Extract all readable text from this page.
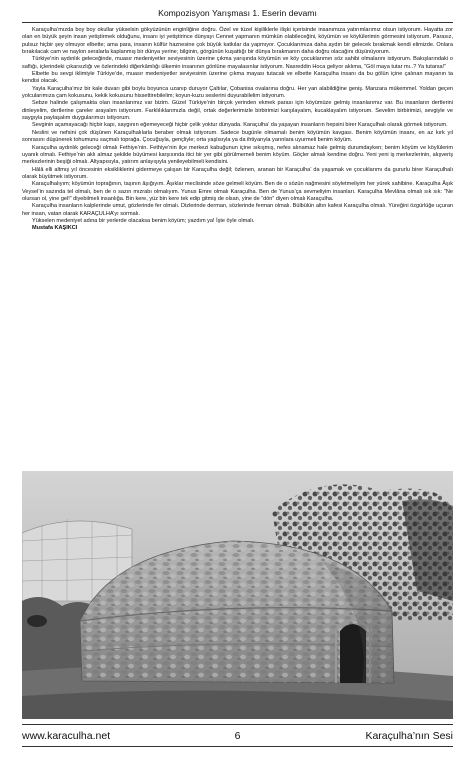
Kompozisyon Yarışması 1. Eserin devamı

Karaçulha’mızda boy boy okullar yükselsin gökyüzünün enginliğine doğru. Özel ve tüzel kişiliklerle ilişki içerisinde insanımıza yatırımlarımız olsun istiyorum. Hayatta zor olan en büyük şeyin insan yetiştirmek olduğunu, insanı iyi yetiştirince dünyayı Cennet yapmanın mümkün olabileceğini, köyümün ve köylülerimin görmesini istiyorum. Parasız, pulsuz hiçbir şey olmuyor elbette; ama para, insanın külfür haznesine çok büyük katkılar da yapmıyor. Çocuklarımıza daha aydın bir gelecek bırakmak kendi elimizde. Onlara bırakılacak cam ve naylon seralarla kaplanmış bir dünya yerine; bilginin, görgünün kuşattığı bir dünya bırakmanın daha doğru olacağını düşünüyorum.

Türkiye’nin aydınlık geleceğinde, muasır medeniyetler seviyesinin üzerine çıkma yarışında köyümün ve köy çocuklarımın söz sahibi olmalarını istiyorum. Bakışlarındaki o saflığı, içlerindeki çıkarsızlığı ve özlerindeki diğerkâmlığı ülkemin insanının gönlüne mayalasınlar istiyorum. Nasreddin Hoca geliyor aklıma, “Göl maya tutar mı..? Ya tutarsa!”

Elbette bu sevgi iklimiyle Türkiye’de, muasır medeniyetler seviyesinin üzerine çıkma mayası tutacak ve elbette Karaçulha insanı da bu gölün içine çalınan mayanın ta kendisi olacak.

Yayla Karaçulha’mız bir kale duvarı gibi boylu boyunca uzanıp duruyor Çaltılar, Çobanisa ovalarına doğru. Her yan alabildiğine geniş. Manzara mükemmel. Yoldan geçen yolcularımıza çam kokusunu, kekik kokusunu hissettirebilelim; koyun-kuzu seslerini duyurabilelim istiyorum.

Sebze halinde çalışmakta olan insanlarımız var bizim. Güzel Türkiye’nin birçok yerinden ekmek parası için köyümüze gelmiş insanlarımız var. Bu insanların dertlerini dinleyelim, dertlerine çareler arayalım istiyorum. Farklılıklarımızla değil, ortak değerlerimizle birbirimizi karşılayalım, kucaklayalım istiyorum. Sevelim birbirimizi, sevgiyle ve saygıyla paylaşalım duygularımızı istiyorum.

Sevginin açamayacağı hiçbir kapı, saygının eğemeyeceği hiçbir çelik yoktur dünyada. Karaçulha’ da yaşayan insanların hepsini birer Karaçulhalı olarak görmek istiyorum.

Neslini ve nefsini çok düşünen Karaçulhalılarla beraber olmak istiyorum. Sadece bugünle olmamalı benim köyümün kavgası. Benim köyümün insanı, en az kırk yıl sonrasını düşünerek tohumunu saçmalı toprağa. Çocuğuyla, gençliyle; orta yaşlısıyla ya da ihtiyarıyla yarınlara uyurmeli benim köyüm.

Karaçulha aydınlık geleceği olmalı Fethiye’nin. Fethiye’nin ilçe merkezi kabuğunun içine sıkışmış, nefes alınamaz hale gelmiş durumdayken; benim köyüm ve köylülerim uyanık olmalı. Fethiye’nin aklı almaz şekilde büyümesi karşısında itici bir yer gibi görülmemeli benim köyüm. Göçler almalı kendine doğru. Yeni yeni iş merkezlerinin, alışveriş merkezlerinin beşiği olmalı. Altyapısıyla, yatırım anlayışıyla yenileyebilmeli kendisini.

Hâlâ elli altmış yıl öncesinin eksikliklerini gidermeye çalışan bir Karaçulha değil; özlenen, aranan bir Karaçulha’ da yaşamak ve çocuklarımı da gururlu birer Karaçulhalı olarak büyütmek istiyorum.

Karaçulhalıyım; köyümün toprağının, taşının âşığıyım. Âşıklar meclisinde söze gelmeli köyüm. Ben de o sözün nağmesini söyletmeliyim her yürek sahibine. Karaçulha Âşık Veysel’in sazında tel olmalı, ben de o sazın mızrabı olmalıyım. Yunus Emre olmalı Karaçulha. Ben de Yunus’ça sevmeliyim insanları. Karaçulha Mevlâna olmalı sık sık: “Ne olursan ol, yine gel!” diyebilmeli insanlığa. Bin kere, yüz bin kere tek edip gitmiş de olsan, yine de “dön” diyen olmalı Karaçulha.

Karaçulha insanların kalplerinde umut, gözlerinde fer olmalı. Dizlerinde derman, sözlerinde ferman olmalı. Bülbülün altın kafesi Karaçulha olmalı. Yüreğini özgürlüğe uçuran her insan, vatan olarak KARAÇULHA’yı sormalı.

Yükselen medeniyet adına bir yerlerde olacaksa benim köyüm; yazdım ya! İşte öyle olmalı.

Mustafa KAŞIKCI

www.karaculha.net	6	Karaçulha’nın Sesi
